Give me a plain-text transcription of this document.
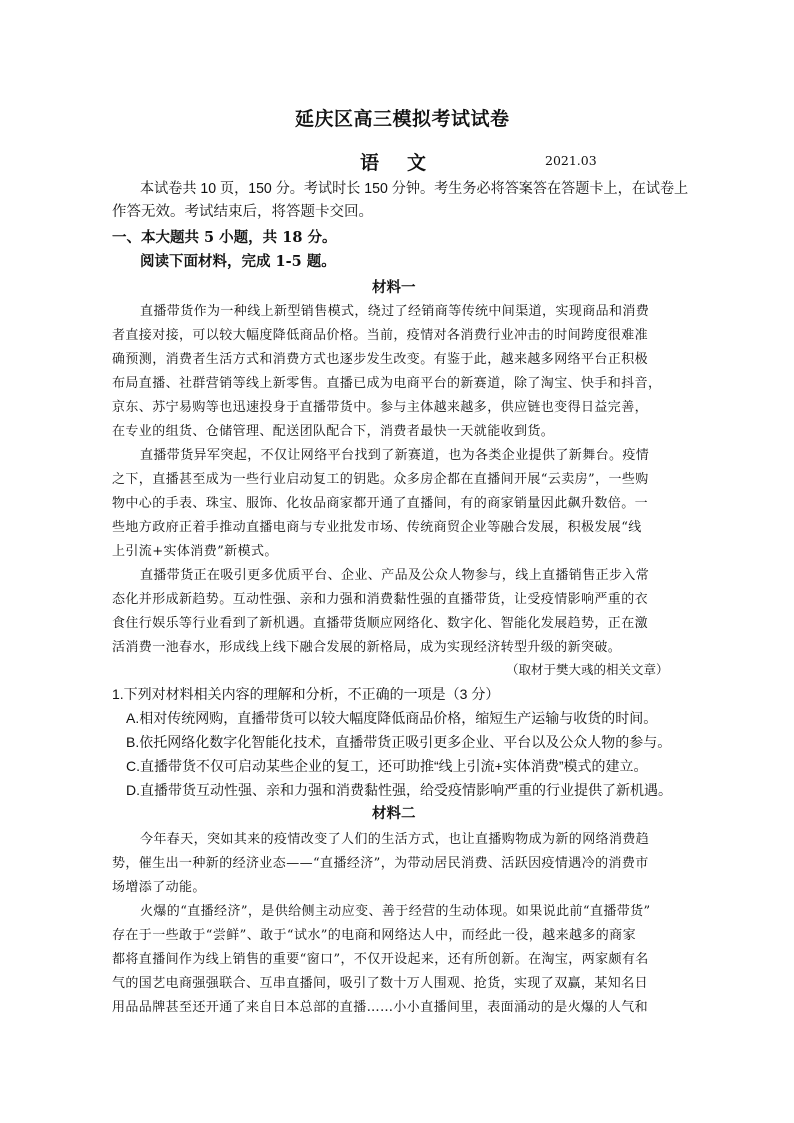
延庆区高三模拟考试试卷
语文	2021.03
本试卷共 10 页，150 分。考试时长 150 分钟。考生务必将答案答在答题卡上，在试卷上
作答无效。考试结束后，将答题卡交回。
一、本大题共 5 小题，共 18 分。
阅读下面材料，完成 1-5 题。
材料一
直播带货作为一种线上新型销售模式，绕过了经销商等传统中间渠道，实现商品和消费
者直接对接，可以较大幅度降低商品价格。当前，疫情对各消费行业冲击的时间跨度很难准
确预测，消费者生活方式和消费方式也逐步发生改变。有鉴于此，越来越多网络平台正积极
布局直播、社群营销等线上新零售。直播已成为电商平台的新赛道，除了淘宝、快手和抖音，
京东、苏宁易购等也迅速投身于直播带货中。参与主体越来越多，供应链也变得日益完善，
在专业的组货、仓储管理、配送团队配合下，消费者最快一天就能收到货。
直播带货异军突起，不仅让网络平台找到了新赛道，也为各类企业提供了新舞台。疫情
之下，直播甚至成为一些行业启动复工的钥匙。众多房企都在直播间开展“云卖房”，一些购
物中心的手表、珠宝、服饰、化妆品商家都开通了直播间，有的商家销量因此飙升数倍。一
些地方政府正着手推动直播电商与专业批发市场、传统商贸企业等融合发展，积极发展“线
上引流+实体消费”新模式。
直播带货正在吸引更多优质平台、企业、产品及公众人物参与，线上直播销售正步入常
态化并形成新趋势。互动性强、亲和力强和消费黏性强的直播带货，让受疫情影响严重的衣
食住行娱乐等行业看到了新机遇。直播带货顺应网络化、数字化、智能化发展趋势，正在激
活消费一池春水，形成线上线下融合发展的新格局，成为实现经济转型升级的新突破。
（取材于樊大彧的相关文章）
1.下列对材料相关内容的理解和分析，不正确的一项是（3 分）
A.相对传统网购，直播带货可以较大幅度降低商品价格，缩短生产运输与收货的时间。
B.依托网络化数字化智能化技术，直播带货正吸引更多企业、平台以及公众人物的参与。
C.直播带货不仅可启动某些企业的复工，还可助推“线上引流+实体消费”模式的建立。
D.直播带货互动性强、亲和力强和消费黏性强，给受疫情影响严重的行业提供了新机遇。
材料二
今年春天，突如其来的疫情改变了人们的生活方式，也让直播购物成为新的网络消费趋
势，催生出一种新的经济业态——“直播经济”，为带动居民消费、活跃因疫情遇冷的消费市
场增添了动能。
火爆的“直播经济”，是供给侧主动应变、善于经营的生动体现。如果说此前“直播带货”
存在于一些敢于“尝鲜”、敢于“试水”的电商和网络达人中，而经此一役，越来越多的商家
都将直播间作为线上销售的重要“窗口”，不仅开设起来，还有所创新。在淘宝，两家颇有名
气的国艺电商强强联合、互串直播间，吸引了数十万人围观、抢货，实现了双赢，某知名日
用品品牌甚至还开通了来自日本总部的直播……小小直播间里，表面涌动的是火爆的人气和
